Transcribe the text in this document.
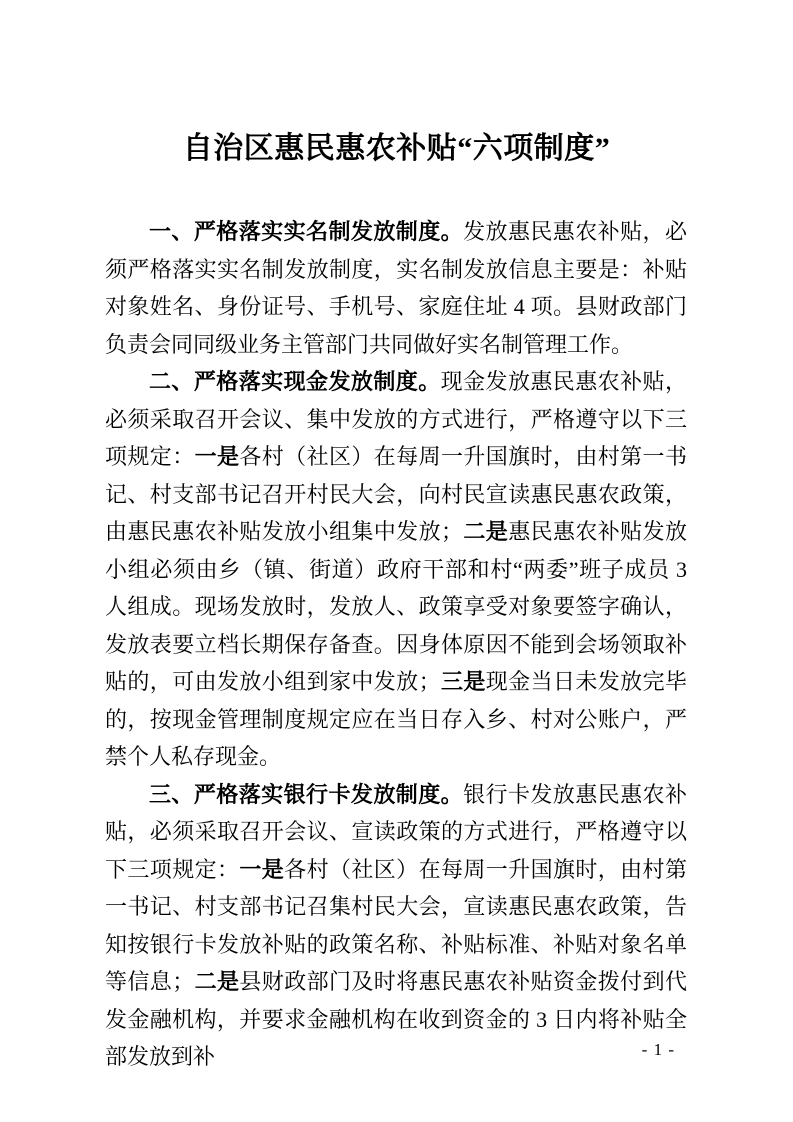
自治区惠民惠农补贴“六项制度”

一、严格落实实名制发放制度。发放惠民惠农补贴，必须严格落实实名制发放制度，实名制发放信息主要是：补贴对象姓名、身份证号、手机号、家庭住址 4 项。县财政部门负责会同同级业务主管部门共同做好实名制管理工作。

二、严格落实现金发放制度。现金发放惠民惠农补贴，必须采取召开会议、集中发放的方式进行，严格遵守以下三项规定：一是各村（社区）在每周一升国旗时，由村第一书记、村支部书记召开村民大会，向村民宣读惠民惠农政策，由惠民惠农补贴发放小组集中发放；二是惠民惠农补贴发放小组必须由乡（镇、街道）政府干部和村“两委”班子成员 3 人组成。现场发放时，发放人、政策享受对象要签字确认，发放表要立档长期保存备查。因身体原因不能到会场领取补贴的，可由发放小组到家中发放；三是现金当日未发放完毕的，按现金管理制度规定应在当日存入乡、村对公账户，严禁个人私存现金。

三、严格落实银行卡发放制度。银行卡发放惠民惠农补贴，必须采取召开会议、宣读政策的方式进行，严格遵守以下三项规定：一是各村（社区）在每周一升国旗时，由村第一书记、村支部书记召集村民大会，宣读惠民惠农政策，告知按银行卡发放补贴的政策名称、补贴标准、补贴对象名单等信息；二是县财政部门及时将惠民惠农补贴资金拨付到代发金融机构，并要求金融机构在收到资金的 3 日内将补贴全部发放到补	- 1 -
